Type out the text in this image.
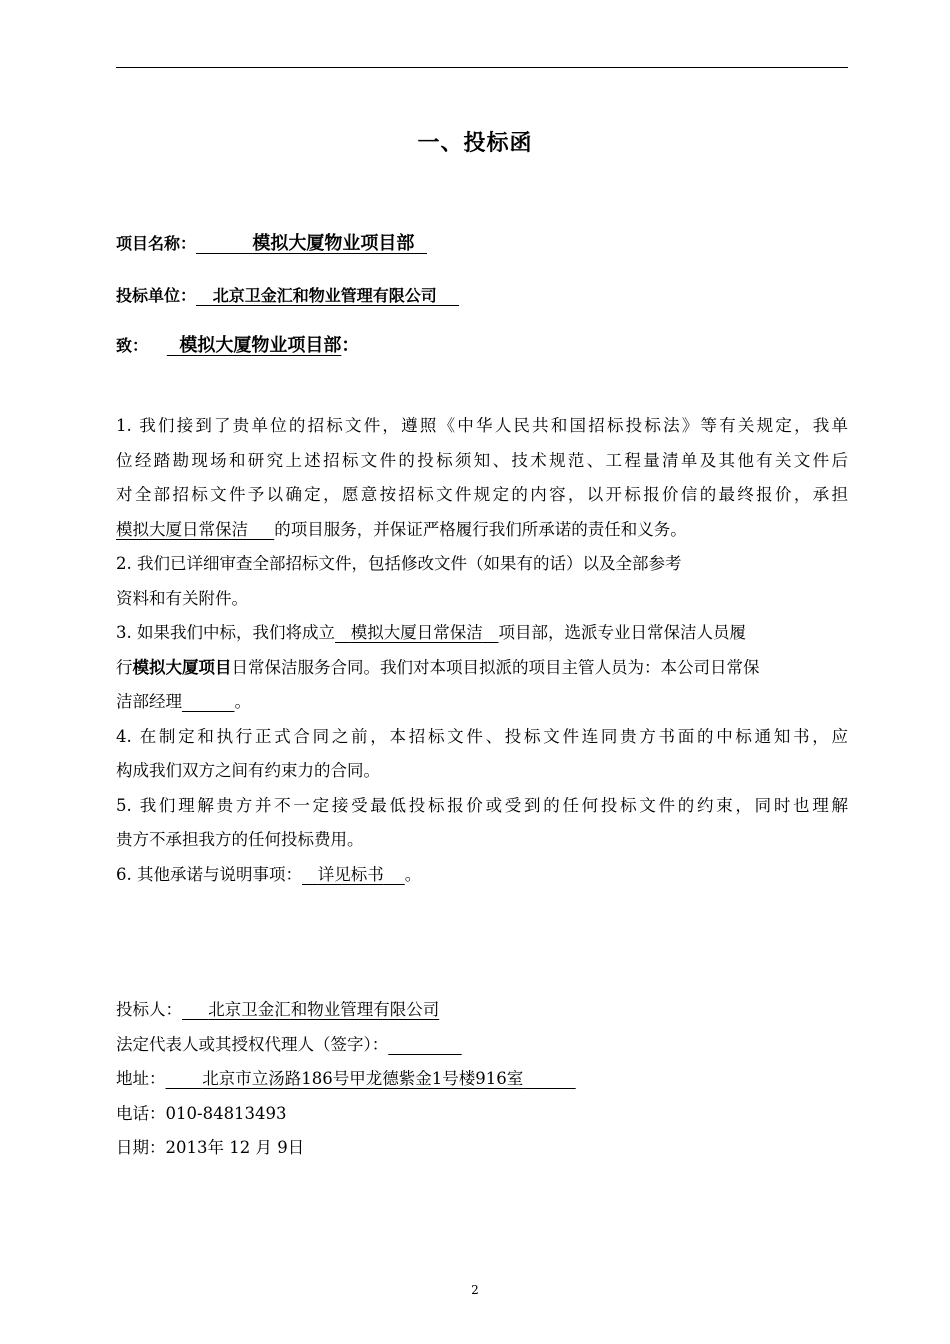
一、投标函
项目名称：	模拟大厦物业项目部
投标单位： 北京卫金汇和物业管理有限公司
致： 模拟大厦物业项目部：
1. 我们接到了贵单位的招标文件，遵照《中华人民共和国招标投标法》等有关规定，我单
位经踏勘现场和研究上述招标文件的投标须知、技术规范、工程量清单及其他有关文件后
对全部招标文件予以确定，愿意按招标文件规定的内容，以开标报价信的最终报价，承担
模拟大厦日常保洁 的项目服务，并保证严格履行我们所承诺的责任和义务。
2. 我们已详细审查全部招标文件，包括修改文件（如果有的话）以及全部参考
资料和有关附件。
3. 如果我们中标，我们将成立 模拟大厦日常保洁 项目部，选派专业日常保洁人员履
行模拟大厦项目日常保洁服务合同。我们对本项目拟派的项目主管人员为：本公司日常保
洁部经理	。
4. 在制定和执行正式合同之前，本招标文件、投标文件连同贵方书面的中标通知书，应
构成我们双方之间有约束力的合同。
5. 我们理解贵方并不一定接受最低投标报价或受到的任何投标文件的约束，同时也理解
贵方不承担我方的任何投标费用。
6. 其他承诺与说明事项： 详见标书 。
投标人： 北京卫金汇和物业管理有限公司
法定代表人或其授权代理人（签字）：
地址： 北京市立汤路186号甲龙德紫金1号楼916室
电话：010-84813493
日期：2013年 12 月 9日
2
